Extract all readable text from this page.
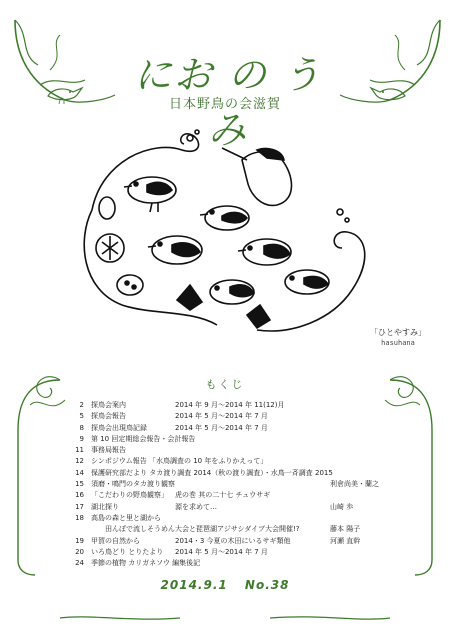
にお の うみ
日本野鳥の会滋賀
「ひとやすみ」
hasuhana
もくじ
2 探鳥会案内	2014 年 9 月～2014 年 11(12)月
5 探鳥会報告	2014 年 5 月～2014 年 7 月
8 探鳥会出現鳥記録	2014 年 5 月～2014 年 7 月
9 第 10 回定期総会報告・会計報告
11 事務局報告
12 シンポジウム報告 「水鳥調査の 10 年をふりかえって」
14 保護研究部だより タカ渡り調査 2014（秋の渡り調査）・水鳥一斉調査 2015
15 須磨・鳴門のタカ渡り観察	利倉尚美・蘭之
16 「こだわりの野鳥観察」	虎の巻 其の二十七 チュウサギ
17 湖北探り	源を求めて…	山崎 歩
18 高島の森と里と湖から
田んぼで流しそうめん大会と琵琶湖アジサシダイブ大会開催!?	藤本 陽子
19 甲賀の自然から	2014・3 今夏の木田にいるサギ類他	河瀬 直幹
20 いろ鳥どり とりたより	2014 年 5 月～2014 年 7 月
24 季節の植物 カリガネソウ 編集後記
2014.9.1 No.38
